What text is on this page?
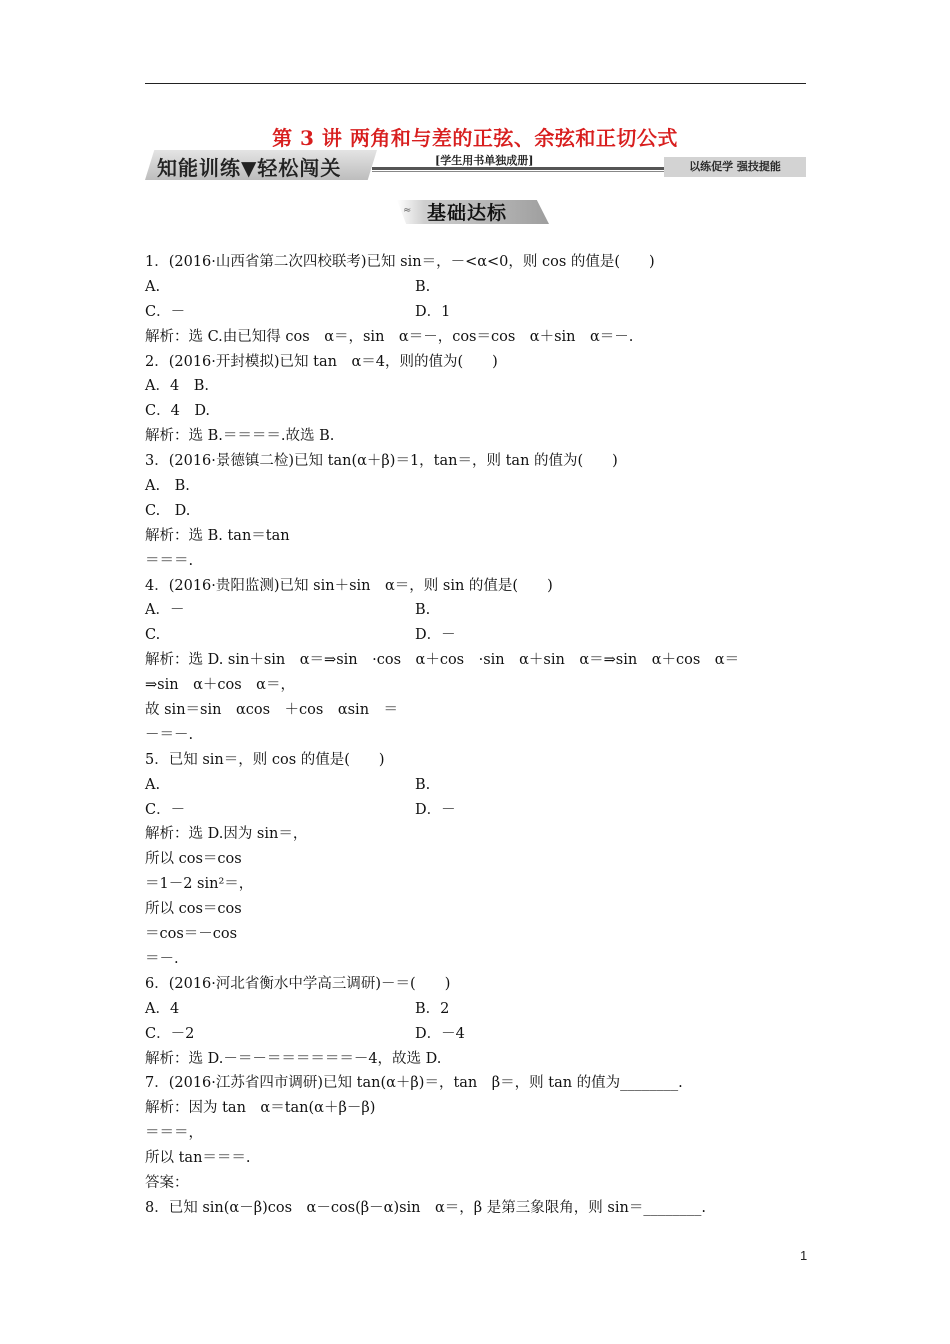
第 3 讲 两角和与差的正弦、余弦和正切公式
知能训练▼轻松闯关	[学生用书单独成册]	以练促学 强技提能
≈ 基础达标
1．(2016·山西省第二次四校联考)已知 sin＝，－<α<0，则 cos 的值是(　　)
A.	B.
C．－	D．1
解析：选 C.由已知得 cos　α＝，sin　α＝－，cos＝cos　α＋sin　α＝－.
2．(2016·开封模拟)已知 tan　α＝4，则的值为(　　)
A．4　B.
C．4　D.
解析：选 B.＝＝＝＝.故选 B.
3．(2016·景德镇二检)已知 tan(α＋β)＝1，tan＝，则 tan 的值为(　　)
A.　B.
C.　D.
解析：选 B. tan＝tan
＝＝＝.
4．(2016·贵阳监测)已知 sin＋sin　α＝，则 sin 的值是(　　)
A．－	B.
C.	D．－
解析：选 D. sin＋sin　α＝⇒sin　·cos　α＋cos　·sin　α＋sin　α＝⇒sin　α＋cos　α＝
⇒sin　α＋cos　α＝，
故 sin＝sin　αcos　＋cos　αsin　＝
－＝－.
5．已知 sin＝，则 cos 的值是(　　)
A.	B.
C．－	D．－
解析：选 D.因为 sin＝，
所以 cos＝cos
＝1－2 sin²＝，
所以 cos＝cos
＝cos＝－cos
＝－.
6．(2016·河北省衡水中学高三调研)－＝(　　)
A．4	B．2
C．－2	D．－4
解析：选 D.－＝－＝＝＝＝＝＝－4，故选 D.
7．(2016·江苏省四市调研)已知 tan(α＋β)＝，tan　β＝，则 tan 的值为________.
解析：因为 tan　α＝tan(α＋β－β)
＝＝＝，
所以 tan＝＝＝.
答案：
8．已知 sin(α－β)cos　α－cos(β－α)sin　α＝，β 是第三象限角，则 sin＝________.
1
